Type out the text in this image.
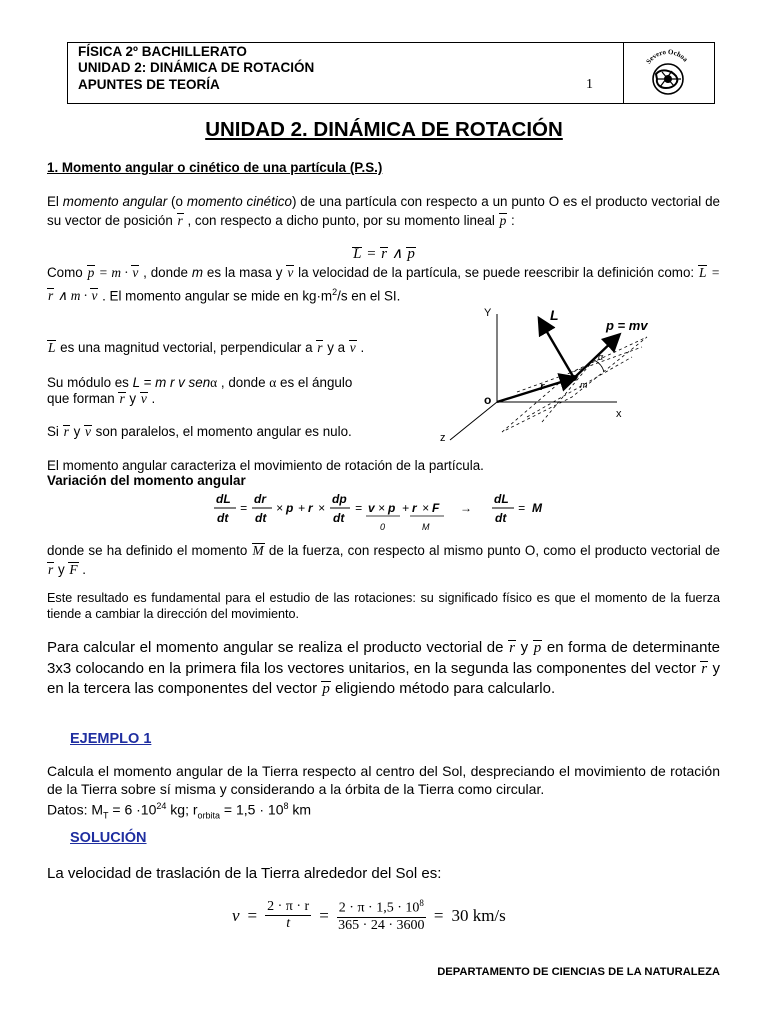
FÍSICA 2º BACHILLERATO
UNIDAD 2: DINÁMICA DE ROTACIÓN
APUNTES DE TEORÍA	1
Severo Ochoa
UNIDAD 2. DINÁMICA DE ROTACIÓN
1. Momento angular o cinético de una partícula (P.S.)
El momento angular (o momento cinético) de una partícula con respecto a un punto O es el producto vectorial de su vector de posición r , con respecto a dicho punto, por su momento lineal p :
L = r ∧ p
Como p = m · v , donde m es la masa y v la velocidad de la partícula, se puede reescribir la definición como: L = r ∧ m · v . El momento angular se mide en $kg\cdot m^2/s$ en el SI.
L es una magnitud vectorial, perpendicular a r y a v .
Su módulo es L = m r v senα , donde α es el ángulo
que forman r y v .
Si r y v son paralelos, el momento angular es nulo.
Y
x
z
o
α
m
r
L
p = mv
El momento angular caracteriza el movimiento de rotación de la partícula.
Variación del momento angular
dL
dt
=
dr
dt
× p + r ×
dp
dt
= v × p
0
+ r × F
M
→
dL
dt
= M
donde se ha definido el momento M de la fuerza, con respecto al mismo punto O, como el producto vectorial de r y F .
Este resultado es fundamental para el estudio de las rotaciones: su significado físico es que el momento de la fuerza tiende a cambiar la dirección del movimiento.
Para calcular el momento angular se realiza el producto vectorial de r y p en forma de determinante 3x3 colocando en la primera fila los vectores unitarios, en la segunda las componentes del vector r y en la tercera las componentes del vector p eligiendo método para calcularlo.
EJEMPLO 1
Calcula el momento angular de la Tierra respecto al centro del Sol, despreciando el movimiento de rotación de la Tierra sobre sí misma y considerando a la órbita de la Tierra como circular.
Datos: $M_T = 6 \cdot 10^{24}$ kg; $r_{orbita} = 1,5 \cdot 10^8$ km
SOLUCIÓN
La velocidad de traslación de la Tierra alrededor del Sol es:
$v = \frac{2 \cdot \pi \cdot r}{t} = \frac{2 \cdot \pi \cdot 1,5 \cdot 10^8}{365 \cdot 24 \cdot 3600} = 30$ km/s
DEPARTAMENTO DE CIENCIAS DE LA NATURALEZA
